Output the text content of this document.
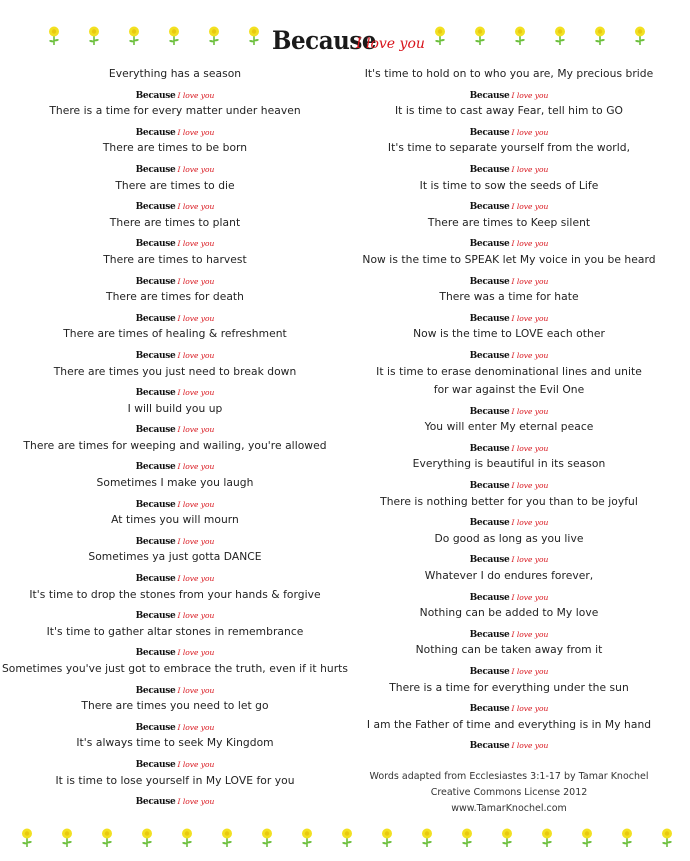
Because
I love you
Everything has a season
Because I love you
There is a time for every matter under heaven
Because I love you
There are times to be born
Because I love you
There are times to die
Because I love you
There are times to plant
Because I love you
There are times to harvest
Because I love you
There are times for death
Because I love you
There are times of healing & refreshment
Because I love you
There are times you just need to break down
Because I love you
I will build you up
Because I love you
There are times for weeping and wailing, you're allowed
Because I love you
Sometimes I make you laugh
Because I love you
At times you will mourn
Because I love you
Sometimes ya just gotta DANCE
Because I love you
It's time to drop the stones from your hands & forgive
Because I love you
It's time to gather altar stones in remembrance
Because I love you
Sometimes you've just got to embrace the truth, even if it hurts
Because I love you
There are times you need to let go
Because I love you
It's always time to seek My Kingdom
Because I love you
It is time to lose yourself in My LOVE for you
Because I love you
It's time to hold on to who you are, My precious bride
Because I love you
It is time to cast away Fear, tell him to GO
Because I love you
It's time to separate yourself from the world,
Because I love you
It is time to sow the seeds of Life
Because I love you
There are times to Keep silent
Because I love you
Now is the time to SPEAK let My voice in you be heard
Because I love you
There was a time for hate
Because I love you
Now is the time to LOVE each other
Because I love you
It is time to erase denominational lines and unite
for war against the Evil One
Because I love you
You will enter My eternal peace
Because I love you
Everything is beautiful in its season
Because I love you
There is nothing better for you than to be joyful
Because I love you
Do good as long as you live
Because I love you
Whatever I do endures forever,
Because I love you
Nothing can be added to My love
Because I love you
Nothing can be taken away from it
Because I love you
There is a time for everything under the sun
Because I love you
I am the Father of time and everything is in My hand
Because I love you
Words adapted from Ecclesiastes 3:1-17 by Tamar Knochel
Creative Commons License 2012
www.TamarKnochel.com
